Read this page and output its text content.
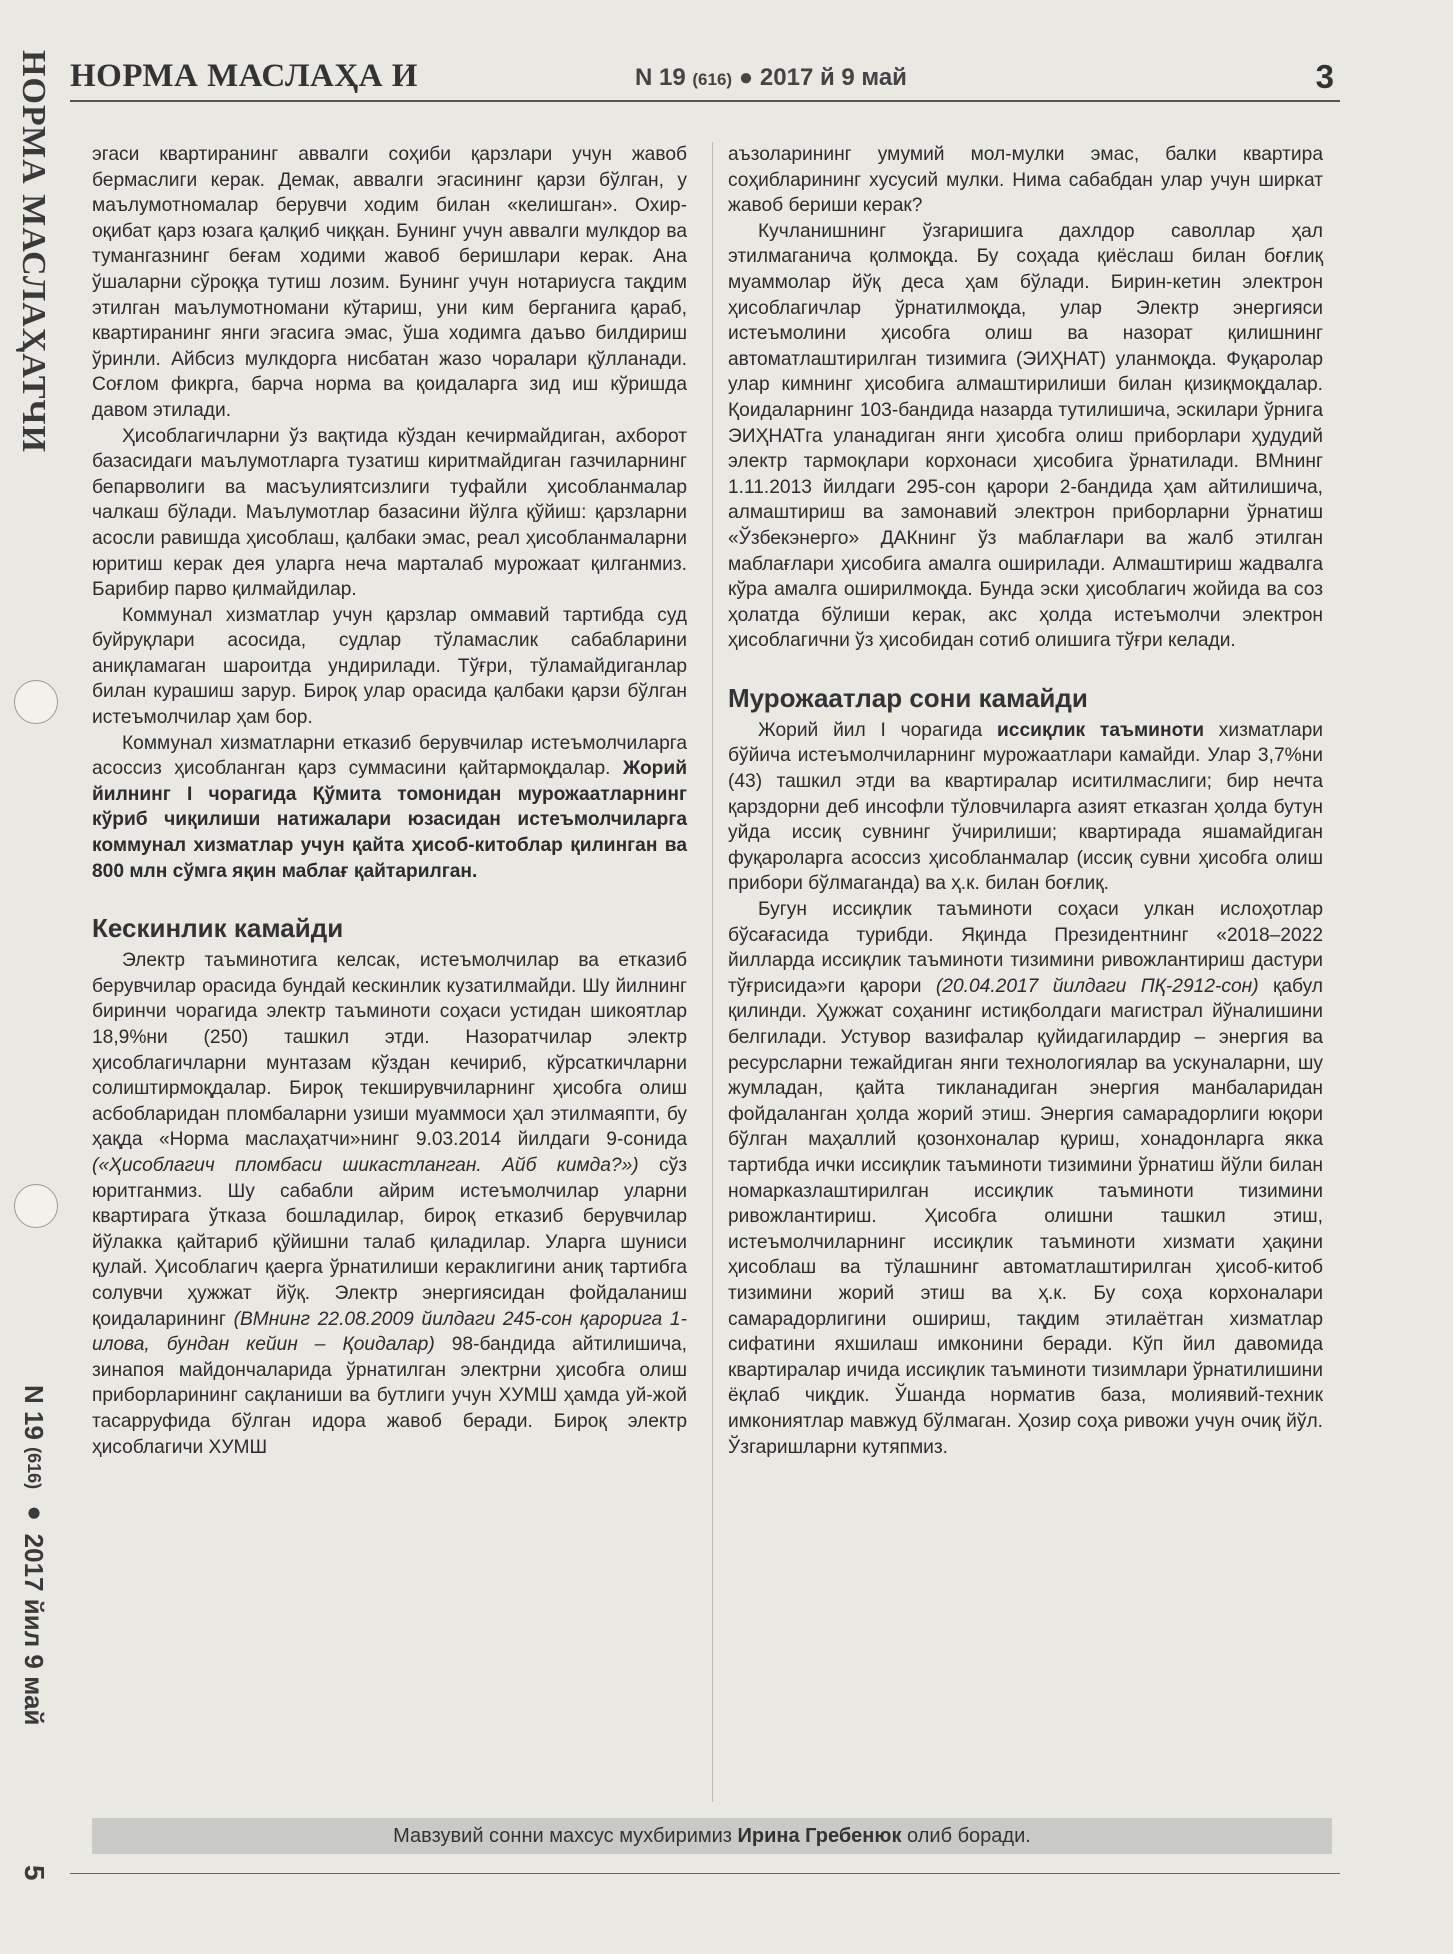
НОРМА МАСЛАҲАТЧИ
N 19 (616) ● 2017 йил 9 май
5
НОРМА МАСЛАҲА И	N 19 (616) ● 2017 й 9 май	3

эгаси квартиранинг аввалги соҳиби қарзлари учун жавоб бермаслиги керак. Демак, аввалги эгасининг қарзи бўлган, у маълумотномалар берувчи ходим билан «келишган». Охир-оқибат қарз юзага қалқиб чиққан. Бунинг учун аввалги мулкдор ва тумангазнинг беғам ходими жавоб беришлари керак. Ана ўшаларни сўроққа тутиш лозим. Бунинг учун нотариусга тақдим этилган маълумотномани кўтариш, уни ким берганига қараб, квартиранинг янги эгасига эмас, ўша ходимга даъво билдириш ўринли. Айбсиз мулкдорга нисбатан жазо чоралари қўлланади. Соғлом фикрга, барча норма ва қоидаларга зид иш кўришда давом этилади.

Ҳисоблагичларни ўз вақтида кўздан кечирмайдиган, ахборот базасидаги маълумотларга тузатиш киритмайдиган газчиларнинг бепарволиги ва масъулиятсизлиги туфайли ҳисобланмалар чалкаш бўлади. Маълумотлар базасини йўлга қўйиш: қарзларни асосли равишда ҳисоблаш, қалбаки эмас, реал ҳисобланмаларни юритиш керак дея уларга неча марталаб мурожаат қилганмиз. Барибир парво қилмайдилар.

Коммунал хизматлар учун қарзлар оммавий тартибда суд буйруқлари асосида, судлар тўламаслик сабабларини аниқламаган шароитда ундирилади. Тўғри, тўламайдиганлар билан курашиш зарур. Бироқ улар орасида қалбаки қарзи бўлган истеъмолчилар ҳам бор.

Коммунал хизматларни етказиб берувчилар истеъмолчиларга асоссиз ҳисобланган қарз суммасини қайтармоқдалар. Жорий йилнинг I чорагида Қўмита томонидан мурожаатларнинг кўриб чиқилиши натижалари юзасидан истеъмолчиларга коммунал хизматлар учун қайта ҳисоб-китоблар қилинган ва 800 млн сўмга яқин маблағ қайтарилган.

Кескинлик камайди

Электр таъминотига келсак, истеъмолчилар ва етказиб берувчилар орасида бундай кескинлик кузатилмайди. Шу йилнинг биринчи чорагида электр таъминоти соҳаси устидан шикоятлар 18,9%ни (250) ташкил этди. Назоратчилар электр ҳисоблагичларни мунтазам кўздан кечириб, кўрсаткичларни солиштирмоқдалар. Бироқ текширувчиларнинг ҳисобга олиш асбобларидан пломбаларни узиши муаммоси ҳал этилмаяпти, бу ҳақда «Норма маслаҳатчи»нинг 9.03.2014 йилдаги 9-сонида («Ҳисоблагич пломбаси шикастланган. Айб кимда?») сўз юритганмиз. Шу сабабли айрим истеъмолчилар уларни квартирага ўтказа бошладилар, бироқ етказиб берувчилар йўлакка қайтариб қўйишни талаб қиладилар. Уларга шуниси қулай. Ҳисоблагич қаерга ўрнатилиши кераклигини аниқ тартибга солувчи ҳужжат йўқ. Электр энергиясидан фойдаланиш қоидаларининг (ВМнинг 22.08.2009 йилдаги 245-сон қарорига 1-илова, бундан кейин – Қоидалар) 98-бандида айтилишича, зинапоя майдончаларида ўрнатилган электрни ҳисобга олиш приборларининг сақланиши ва бутлиги учун ХУМШ ҳамда уй-жой тасарруфида бўлган идора жавоб беради. Бироқ электр ҳисоблагичи ХУМШ

аъзоларининг умумий мол-мулки эмас, балки квартира соҳибларининг хусусий мулки. Нима сабабдан улар учун ширкат жавоб бериши керак?

Кучланишнинг ўзгаришига дахлдор саволлар ҳал этилмаганича қолмоқда. Бу соҳада қиёслаш билан боғлиқ муаммолар йўқ деса ҳам бўлади. Бирин-кетин электрон ҳисоблагичлар ўрнатилмоқда, улар Электр энергияси истеъмолини ҳисобга олиш ва назорат қилишнинг автоматлаштирилган тизимига (ЭИҲНАТ) уланмоқда. Фуқаролар улар кимнинг ҳисобига алмаштирилиши билан қизиқмоқдалар. Қоидаларнинг 103-бандида назарда тутилишича, эскилари ўрнига ЭИҲНАТга уланадиган янги ҳисобга олиш приборлари ҳудудий электр тармоқлари корхонаси ҳисобига ўрнатилади. ВМнинг 1.11.2013 йилдаги 295-сон қарори 2-бандида ҳам айтилишича, алмаштириш ва замонавий электрон приборларни ўрнатиш «Ўзбекэнерго» ДАКнинг ўз маблағлари ва жалб этилган маблағлари ҳисобига амалга оширилади. Алмаштириш жадвалга кўра амалга оширилмоқда. Бунда эски ҳисоблагич жойида ва соз ҳолатда бўлиши керак, акс ҳолда истеъмолчи электрон ҳисоблагични ўз ҳисобидан сотиб олишига тўғри келади.

Мурожаатлар сони камайди

Жорий йил I чорагида иссиқлик таъминоти хизматлари бўйича истеъмолчиларнинг мурожаатлари камайди. Улар 3,7%ни (43) ташкил этди ва квартиралар иситилмаслиги; бир нечта қарздорни деб инсофли тўловчиларга азият етказган ҳолда бутун уйда иссиқ сувнинг ўчирилиши; квартирада яшамайдиган фуқароларга асоссиз ҳисобланмалар (иссиқ сувни ҳисобга олиш прибори бўлмаганда) ва ҳ.к. билан боғлиқ.

Бугун иссиқлик таъминоти соҳаси улкан ислоҳотлар бўсағасида турибди. Яқинда Президентнинг «2018–2022 йилларда иссиқлик таъминоти тизимини ривожлантириш дастури тўғрисида»ги қарори (20.04.2017 йилдаги ПҚ-2912-сон) қабул қилинди. Ҳужжат соҳанинг истиқболдаги магистрал йўналишини белгилади. Устувор вазифалар қуйидагилардир – энергия ва ресурсларни тежайдиган янги технологиялар ва ускуналарни, шу жумладан, қайта тикланадиган энергия манбаларидан фойдаланган ҳолда жорий этиш. Энергия самарадорлиги юқори бўлган маҳаллий қозонхоналар қуриш, хонадонларга якка тартибда ички иссиқлик таъминоти тизимини ўрнатиш йўли билан номарказлаштирилган иссиқлик таъминоти тизимини ривожлантириш. Ҳисобга олишни ташкил этиш, истеъмолчиларнинг иссиқлик таъминоти хизмати ҳақини ҳисоблаш ва тўлашнинг автоматлаштирилган ҳисоб-китоб тизимини жорий этиш ва ҳ.к. Бу соҳа корхоналари самарадорлигини ошириш, тақдим этилаётган хизматлар сифатини яхшилаш имконини беради. Кўп йил давомида квартиралар ичида иссиқлик таъминоти тизимлари ўрнатилишини ёқлаб чиқдик. Ўшанда норматив база, молиявий-техник имкониятлар мавжуд бўлмаган. Ҳозир соҳа ривожи учун очиқ йўл. Ўзгаришларни кутяпмиз.

Мавзувий сонни махсус мухбиримиз Ирина Гребенюк олиб боради.
